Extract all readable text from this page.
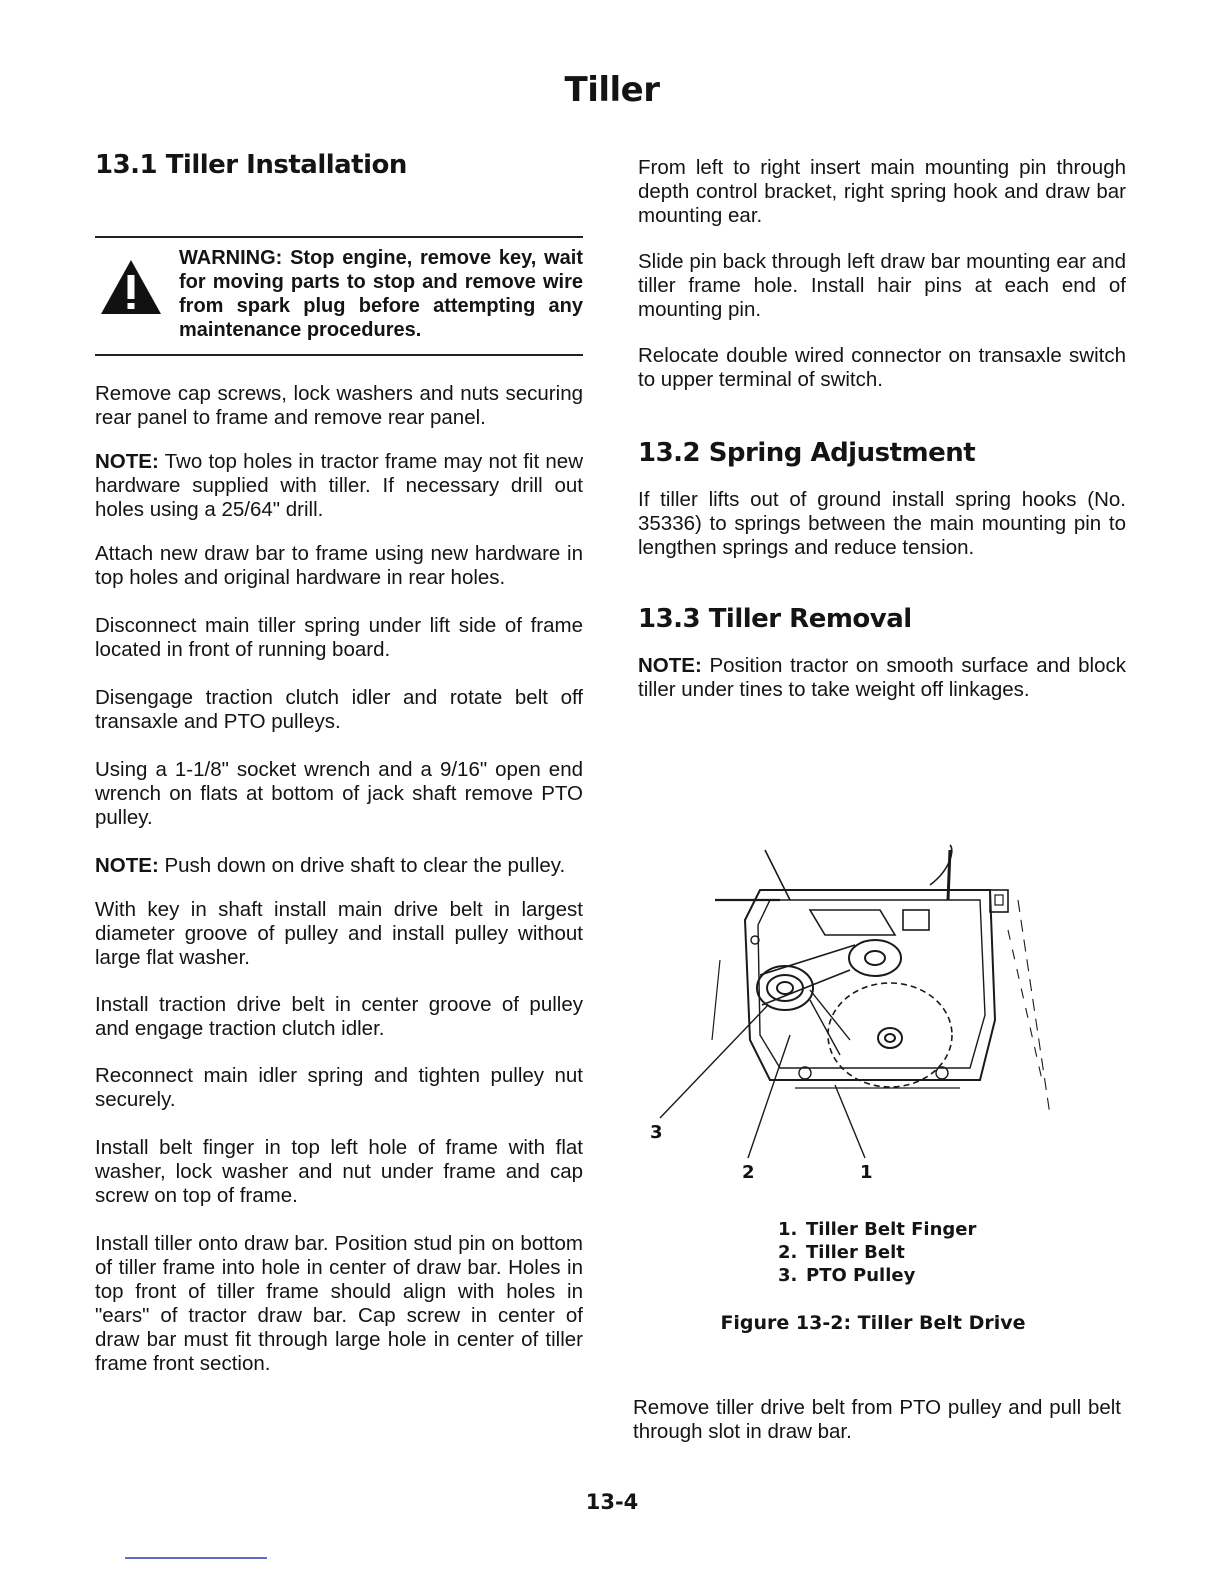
Tiller
13.1 Tiller Installation

WARNING: Stop engine, remove key, wait for moving parts to stop and remove wire from spark plug before attempting any maintenance procedures.

Remove cap screws, lock washers and nuts securing rear panel to frame and remove rear panel.

NOTE: Two top holes in tractor frame may not fit new hardware supplied with tiller. If necessary drill out holes using a 25/64" drill.

Attach new draw bar to frame using new hardware in top holes and original hardware in rear holes.

Disconnect main tiller spring under lift side of frame located in front of running board.

Disengage traction clutch idler and rotate belt off transaxle and PTO pulleys.

Using a 1-1/8" socket wrench and a 9/16" open end wrench on flats at bottom of jack shaft remove PTO pulley.

NOTE: Push down on drive shaft to clear the pulley.

With key in shaft install main drive belt in largest diameter groove of pulley and install pulley without large flat washer.

Install traction drive belt in center groove of pulley and engage traction clutch idler.

Reconnect main idler spring and tighten pulley nut securely.

Install belt finger in top left hole of frame with flat washer, lock washer and nut under frame and cap screw on top of frame.

Install tiller onto draw bar. Position stud pin on bottom of tiller frame into hole in center of draw bar. Holes in top front of tiller frame should align with holes in "ears" of tractor draw bar. Cap screw in center of draw bar must fit through large hole in center of tiller frame front section.

From left to right insert main mounting pin through depth control bracket, right spring hook and draw bar mounting ear.

Slide pin back through left draw bar mounting ear and tiller frame hole. Install hair pins at each end of mounting pin.

Relocate double wired connector on transaxle switch to upper terminal of switch.

13.2 Spring Adjustment

If tiller lifts out of ground install spring hooks (No. 35336) to springs between the main mounting pin to lengthen springs and reduce tension.

13.3 Tiller Removal

NOTE: Position tractor on smooth surface and block tiller under tines to take weight off linkages.

3
2	1
1. Tiller Belt Finger
2. Tiller Belt
3. PTO Pulley
Figure 13-2: Tiller Belt Drive

Remove tiller drive belt from PTO pulley and pull belt through slot in draw bar.

13-4
